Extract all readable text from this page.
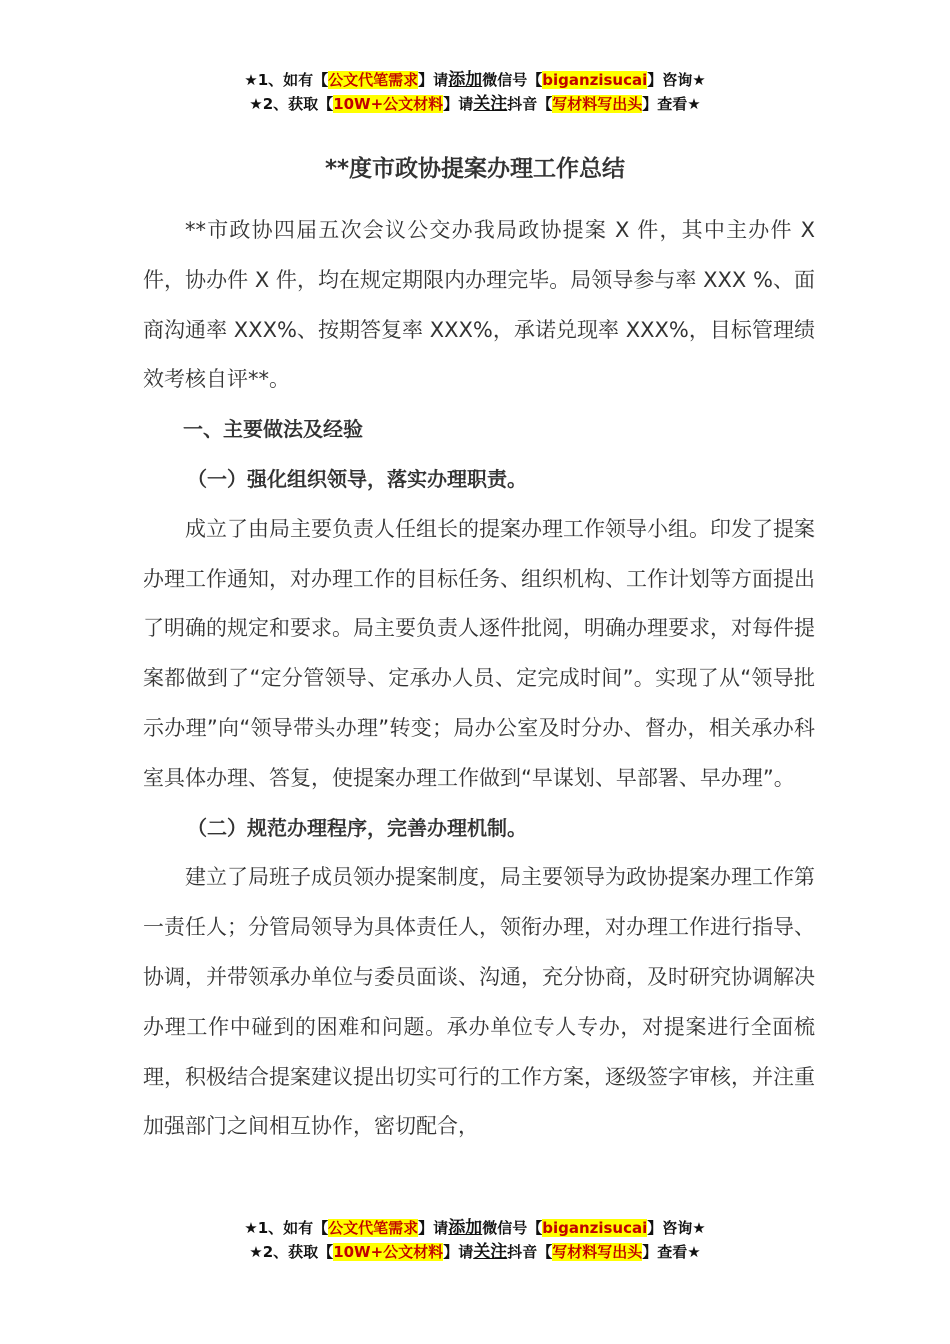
★1、如有【公文代笔需求】请添加微信号【biganzisucai】咨询★
★2、获取【10W+公文材料】请关注抖音【写材料写出头】查看★
**度市政协提案办理工作总结

**市政协四届五次会议公交办我局政协提案 X 件，其中主办件 X 件，协办件 X 件，均在规定期限内办理完毕。局领导参与率 XXX %、面商沟通率 XXX%、按期答复率 XXX%，承诺兑现率 XXX%，目标管理绩效考核自评**。

一、主要做法及经验

（一）强化组织领导，落实办理职责。

成立了由局主要负责人任组长的提案办理工作领导小组。印发了提案办理工作通知，对办理工作的目标任务、组织机构、工作计划等方面提出了明确的规定和要求。局主要负责人逐件批阅，明确办理要求，对每件提案都做到了“定分管领导、定承办人员、定完成时间”。实现了从“领导批示办理”向“领导带头办理”转变；局办公室及时分办、督办，相关承办科室具体办理、答复，使提案办理工作做到“早谋划、早部署、早办理”。

（二）规范办理程序，完善办理机制。

建立了局班子成员领办提案制度，局主要领导为政协提案办理工作第一责任人；分管局领导为具体责任人，领衔办理，对办理工作进行指导、协调，并带领承办单位与委员面谈、沟通，充分协商，及时研究协调解决办理工作中碰到的困难和问题。承办单位专人专办，对提案进行全面梳理，积极结合提案建议提出切实可行的工作方案，逐级签字审核，并注重加强部门之间相互协作，密切配合，

★1、如有【公文代笔需求】请添加微信号【biganzisucai】咨询★
★2、获取【10W+公文材料】请关注抖音【写材料写出头】查看★
